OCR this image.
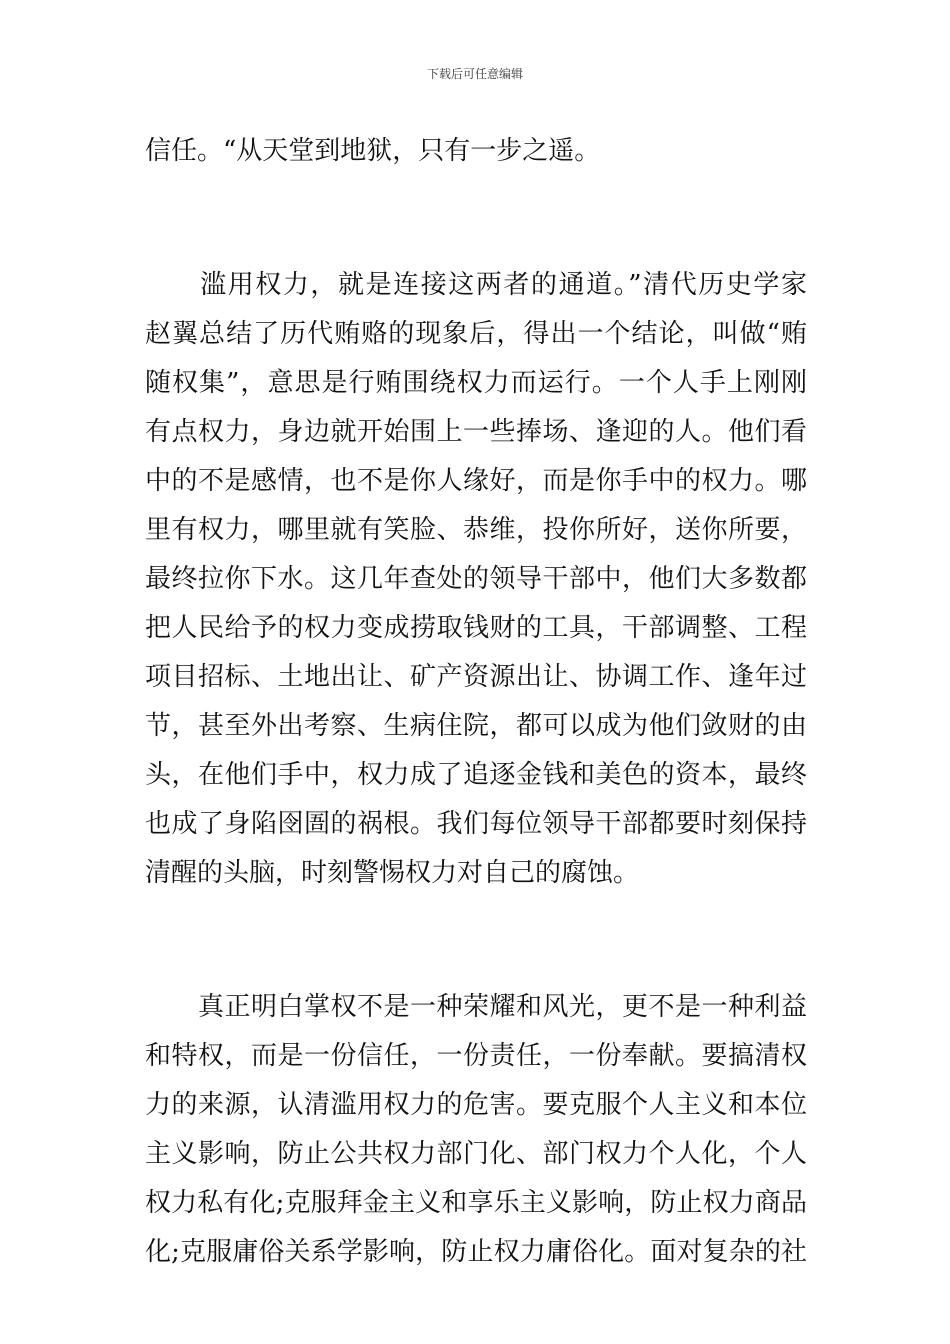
下载后可任意编辑
信任。“从天堂到地狱，只有一步之遥。
　　滥用权力，就是连接这两者的通道。”清代历史学家
赵翼总结了历代贿赂的现象后，得出一个结论，叫做“贿
随权集”，意思是行贿围绕权力而运行。一个人手上刚刚
有点权力，身边就开始围上一些捧场、逢迎的人。他们看
中的不是感情，也不是你人缘好，而是你手中的权力。哪
里有权力，哪里就有笑脸、恭维，投你所好，送你所要，
最终拉你下水。这几年查处的领导干部中，他们大多数都
把人民给予的权力变成捞取钱财的工具，干部调整、工程
项目招标、土地出让、矿产资源出让、协调工作、逢年过
节，甚至外出考察、生病住院，都可以成为他们敛财的由
头，在他们手中，权力成了追逐金钱和美色的资本，最终
也成了身陷囹圄的祸根。我们每位领导干部都要时刻保持
清醒的头脑，时刻警惕权力对自己的腐蚀。
　　真正明白掌权不是一种荣耀和风光，更不是一种利益
和特权，而是一份信任，一份责任，一份奉献。要搞清权
力的来源，认清滥用权力的危害。要克服个人主义和本位
主义影响，防止公共权力部门化、部门权力个人化，个人
权力私有化;克服拜金主义和享乐主义影响，防止权力商品
化;克服庸俗关系学影响，防止权力庸俗化。面对复杂的社
